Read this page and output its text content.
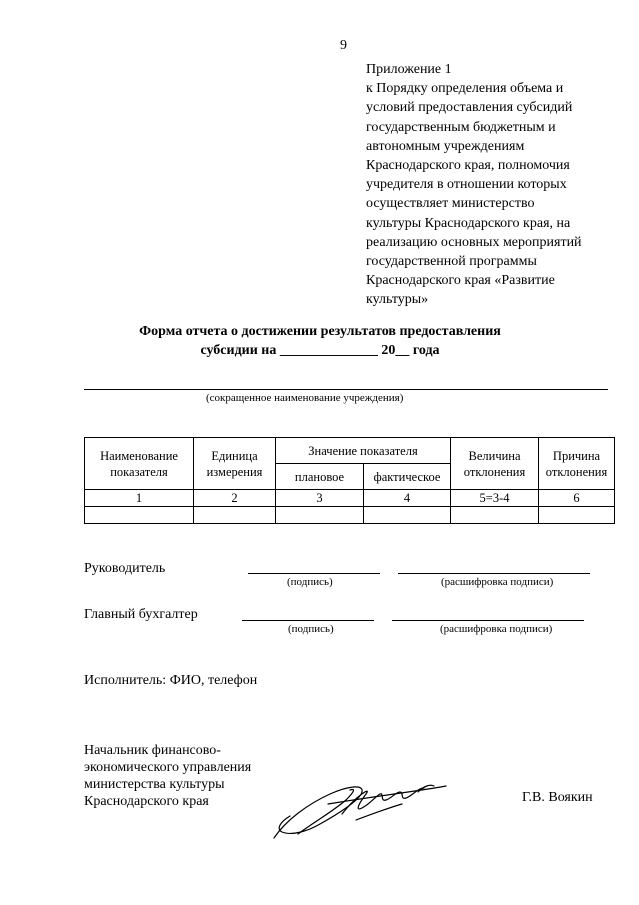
9
Приложение 1
к Порядку определения объема и
условий предоставления субсидий
государственным бюджетным и
автономным учреждениям
Краснодарского края, полномочия
учредителя в отношении которых
осуществляет министерство
культуры Краснодарского края, на
реализацию основных мероприятий
государственной программы
Краснодарского края «Развитие
культуры»
Форма отчета о достижении результатов предоставления
субсидии на ______________ 20__ года
(сокращенное наименование учреждения)
Наименование показателя	Единица измерения	Значение показателя		Величина отклонения	Причина отклонения
		плановое	фактическое		
1	2	3	4	5=3-4	6

Руководитель
(подпись)	(расшифровка подписи)
Главный бухгалтер
(подпись)	(расшифровка подписи)
Исполнитель: ФИО, телефон
Начальник финансово-
экономического управления
министерства культуры
Краснодарского края	Г.В. Воякин
